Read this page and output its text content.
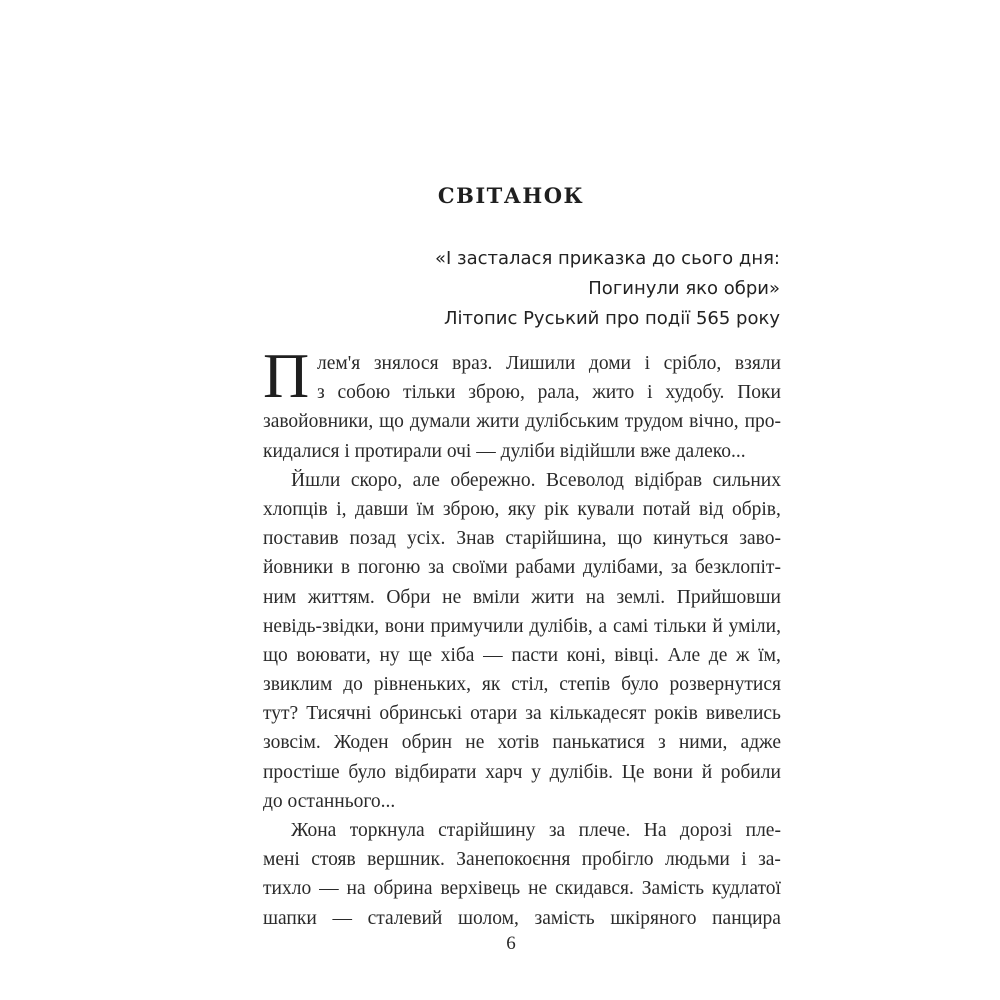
СВІТАНОК
«І засталася приказка до сього дня:
Погинули яко обри»
Літопис Руський про події 565 року
П лем'я знялося враз. Лишили доми і срібло, взяли
з собою тільки зброю, рала, жито і худобу. Поки
завойовники, що думали жити дулібським трудом вічно, про-
кидалися і протирали очі — дуліби відійшли вже далеко...
Йшли скоро, але обережно. Всеволод відібрав сильних
хлопців і, давши їм зброю, яку рік кували потай від обрів,
поставив позад усіх. Знав старійшина, що кинуться заво-
йовники в погоню за своїми рабами дулібами, за безклопіт-
ним життям. Обри не вміли жити на землі. Прийшовши
невідь-звідки, вони примучили дулібів, а самі тільки й уміли,
що воювати, ну ще хіба — пасти коні, вівці. Але де ж їм,
звиклим до рівненьких, як стіл, степів було розвернутися
тут? Тисячні обринські отари за кількадесят років вивелись
зовсім. Жоден обрин не хотів панькатися з ними, адже
простіше було відбирати харч у дулібів. Це вони й робили
до останнього...
Жона торкнула старійшину за плече. На дорозі пле-
мені стояв вершник. Занепокоєння пробігло людьми і за-
тихло — на обрина верхівець не скидався. Замість кудлатої
шапки — сталевий шолом, замість шкіряного панцира
6
